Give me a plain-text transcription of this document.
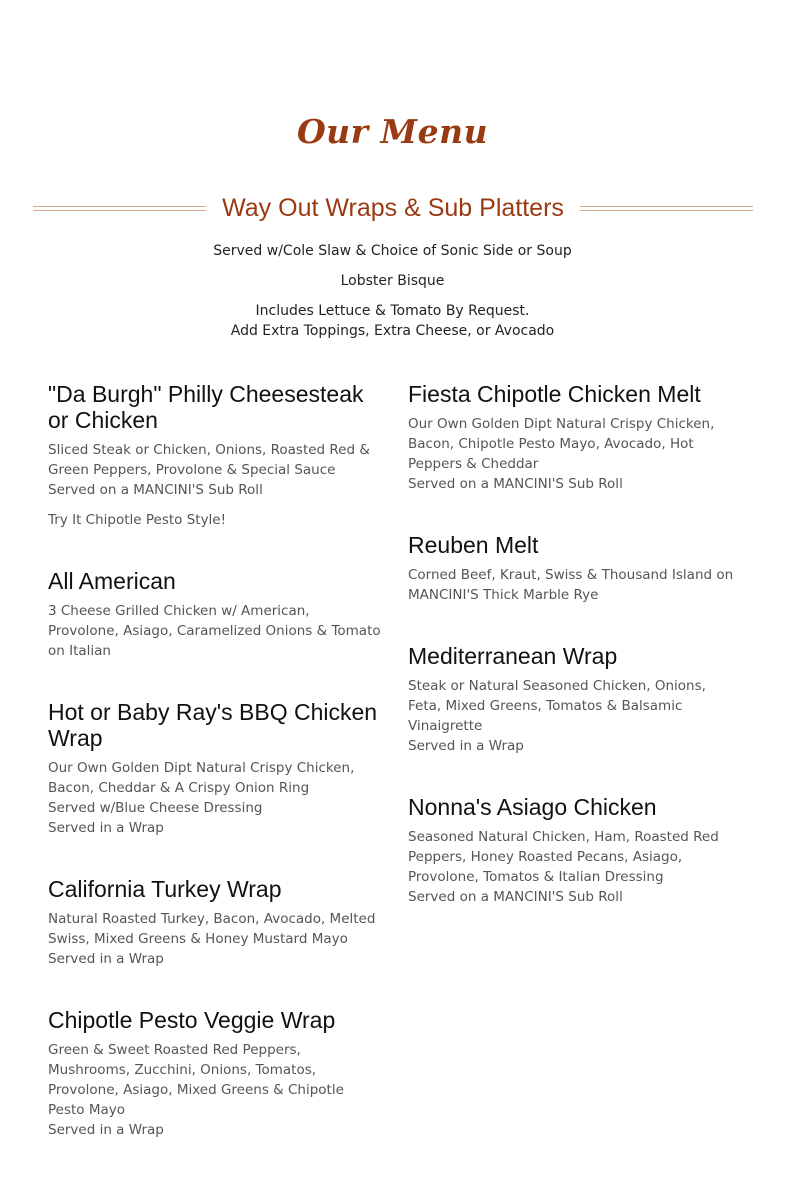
Our Menu
Way Out Wraps & Sub Platters
Served w/Cole Slaw & Choice of Sonic Side or Soup
Lobster Bisque
Includes Lettuce & Tomato By Request.
Add Extra Toppings, Extra Cheese, or Avocado
"Da Burgh" Philly Cheesesteak or Chicken
Sliced Steak or Chicken, Onions, Roasted Red & Green Peppers, Provolone & Special Sauce
Served on a MANCINI'S Sub Roll
Try It Chipotle Pesto Style!
All American
3 Cheese Grilled Chicken w/ American, Provolone, Asiago, Caramelized Onions & Tomato on Italian
Hot or Baby Ray's BBQ Chicken Wrap
Our Own Golden Dipt Natural Crispy Chicken, Bacon, Cheddar & A Crispy Onion Ring
Served w/Blue Cheese Dressing
Served in a Wrap
California Turkey Wrap
Natural Roasted Turkey, Bacon, Avocado, Melted Swiss, Mixed Greens & Honey Mustard Mayo
Served in a Wrap
Chipotle Pesto Veggie Wrap
Green & Sweet Roasted Red Peppers, Mushrooms, Zucchini, Onions, Tomatos, Provolone, Asiago, Mixed Greens & Chipotle Pesto Mayo
Served in a Wrap
Fiesta Chipotle Chicken Melt
Our Own Golden Dipt Natural Crispy Chicken, Bacon, Chipotle Pesto Mayo, Avocado, Hot Peppers & Cheddar
Served on a MANCINI'S Sub Roll
Reuben Melt
Corned Beef, Kraut, Swiss & Thousand Island on MANCINI'S Thick Marble Rye
Mediterranean Wrap
Steak or Natural Seasoned Chicken, Onions, Feta, Mixed Greens, Tomatos & Balsamic Vinaigrette
Served in a Wrap
Nonna's Asiago Chicken
Seasoned Natural Chicken, Ham, Roasted Red Peppers, Honey Roasted Pecans, Asiago, Provolone, Tomatos & Italian Dressing
Served on a MANCINI'S Sub Roll
